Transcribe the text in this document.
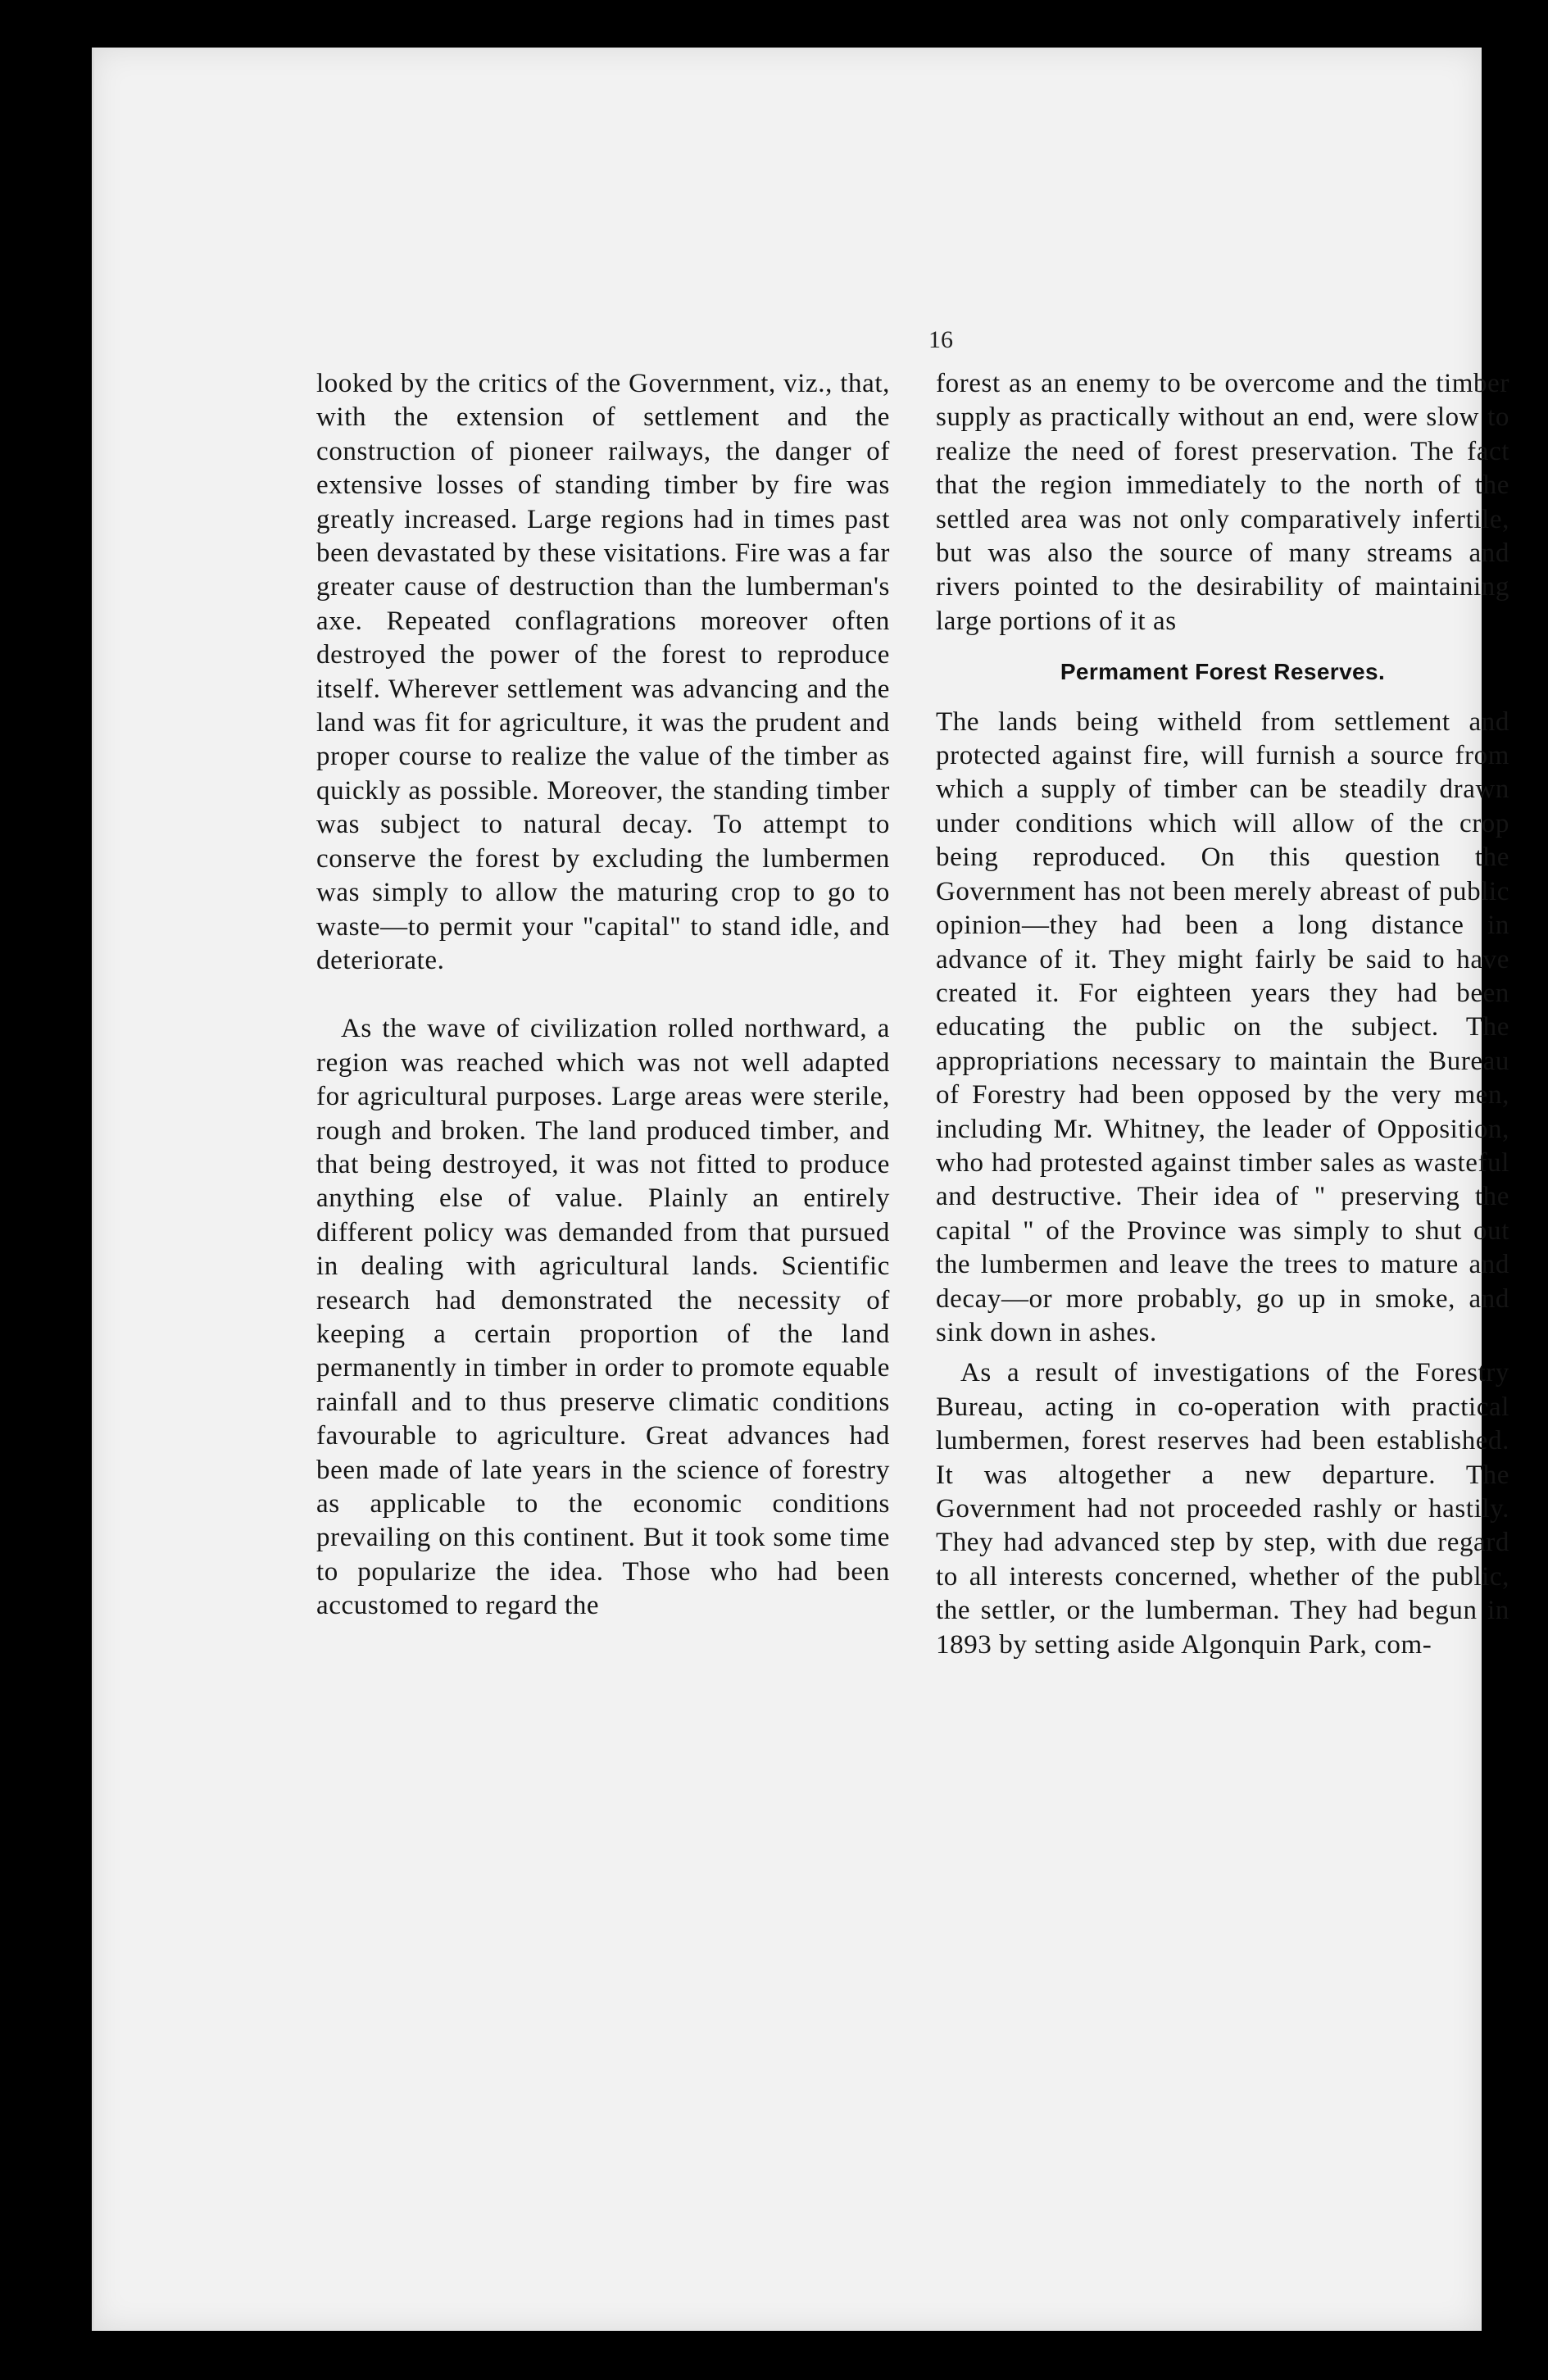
16

looked by the critics of the Government, viz., that, with the extension of settlement and the construction of pioneer railways, the danger of extensive losses of standing timber by fire was greatly increased. Large regions had in times past been devastated by these visitations. Fire was a far greater cause of destruction than the lumberman's axe. Repeated conflagrations moreover often destroyed the power of the forest to reproduce itself. Wherever settlement was advancing and the land was fit for agriculture, it was the prudent and proper course to realize the value of the timber as quickly as possible. Moreover, the standing timber was subject to natural decay. To attempt to conserve the forest by excluding the lumbermen was simply to allow the maturing crop to go to waste—to permit your "capital" to stand idle, and deteriorate.

As the wave of civilization rolled northward, a region was reached which was not well adapted for agricultural purposes. Large areas were sterile, rough and broken. The land produced timber, and that being destroyed, it was not fitted to produce anything else of value. Plainly an entirely different policy was demanded from that pursued in dealing with agricultural lands. Scientific research had demonstrated the necessity of keeping a certain proportion of the land permanently in timber in order to promote equable rainfall and to thus preserve climatic conditions favourable to agriculture. Great advances had been made of late years in the science of forestry as applicable to the economic conditions prevailing on this continent. But it took some time to popularize the idea. Those who had been accustomed to regard the

forest as an enemy to be overcome and the timber supply as practically without an end, were slow to realize the need of forest preservation. The fact that the region immediately to the north of the settled area was not only comparatively infertile, but was also the source of many streams and rivers pointed to the desirability of maintaining large portions of it as

Permament Forest Reserves.

The lands being witheld from settlement and protected against fire, will furnish a source from which a supply of timber can be steadily drawn under conditions which will allow of the crop being reproduced. On this question the Government has not been merely abreast of public opinion—they had been a long distance in advance of it. They might fairly be said to have created it. For eighteen years they had been educating the public on the subject. The appropriations necessary to maintain the Bureau of Forestry had been opposed by the very men, including Mr. Whitney, the leader of Opposition, who had protested against timber sales as wasteful and destructive. Their idea of " preserving the capital " of the Province was simply to shut out the lumbermen and leave the trees to mature and decay—or more probably, go up in smoke, and sink down in ashes.

As a result of investigations of the Forestry Bureau, acting in co-operation with practical lumbermen, forest reserves had been established. It was altogether a new departure. The Government had not proceeded rashly or hastily. They had advanced step by step, with due regard to all interests concerned, whether of the public, the settler, or the lumberman. They had begun in 1893 by setting aside Algonquin Park, com-
